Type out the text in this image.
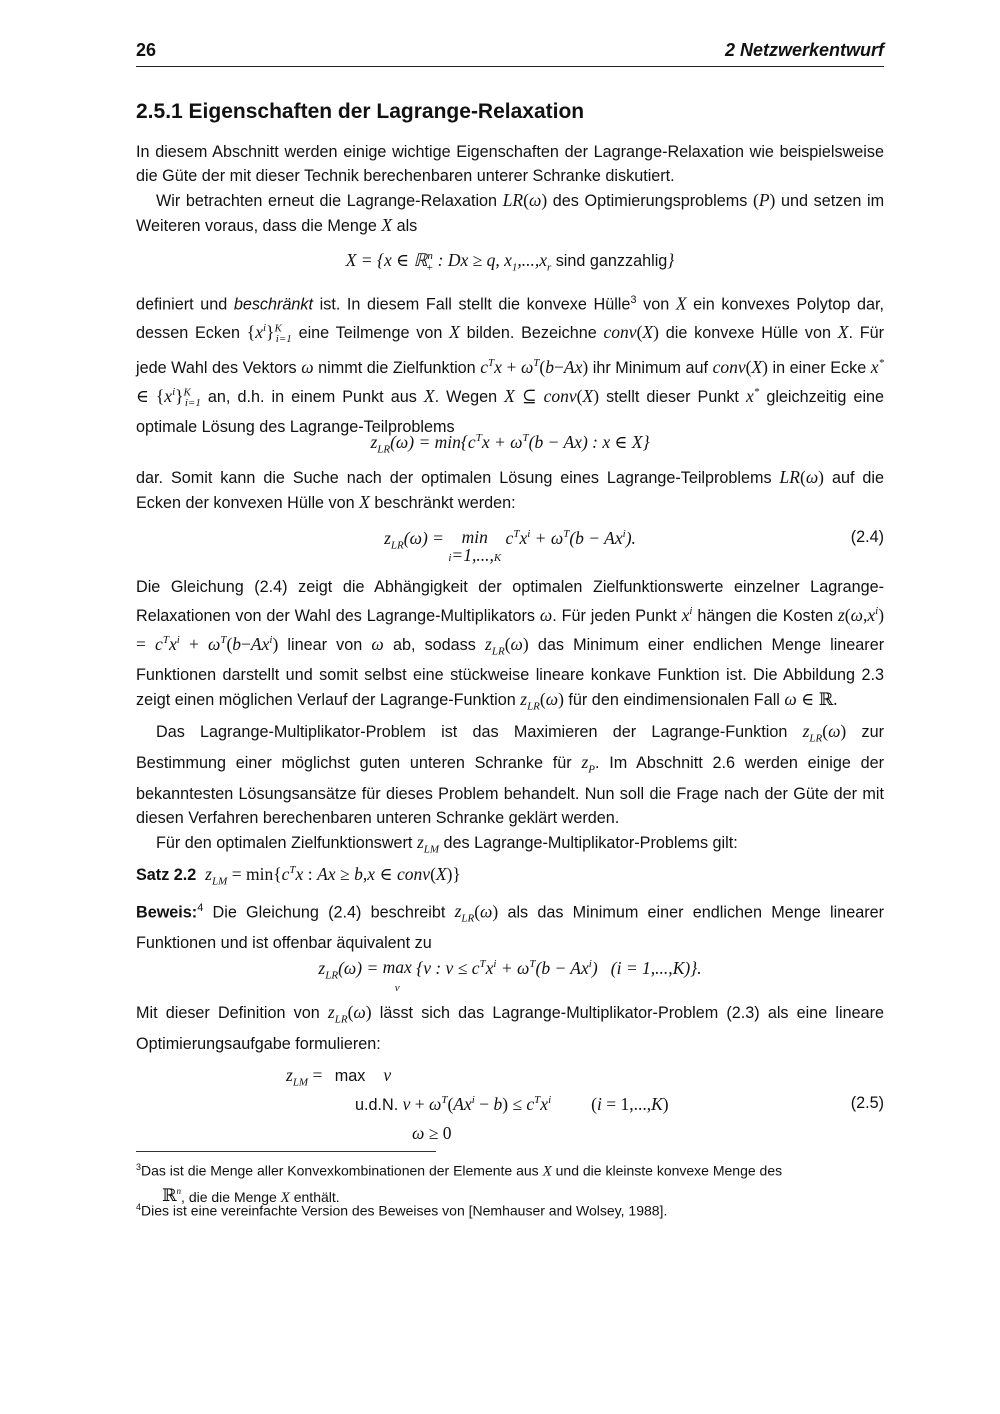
26	2 Netzwerkentwurf
2.5.1 Eigenschaften der Lagrange-Relaxation

In diesem Abschnitt werden einige wichtige Eigenschaften der Lagrange-Relaxation wie beispielsweise die Güte der mit dieser Technik berechenbaren unterer Schranke diskutiert.

Wir betrachten erneut die Lagrange-Relaxation LR(ω) des Optimierungsproblems (P) und setzen im Weiteren voraus, dass die Menge X als

X = {x ∈ ℝ$^n_+$ : Dx ≥ q, $x_1,...,x_r$ sind ganzzahlig}

definiert und beschränkt ist. In diesem Fall stellt die konvexe Hülle$^3$ von X ein konvexes Polytop dar, dessen Ecken $\{x^i\}^K_{i=1}$ eine Teilmenge von X bilden. Bezeichne conv(X) die konvexe Hülle von X. Für jede Wahl des Vektors ω nimmt die Zielfunktion $c^Tx + \omega^T(b-Ax)$ ihr Minimum auf conv(X) in einer Ecke x* ∈ $\{x^i\}^K_{i=1}$ an, d.h. in einem Punkt aus X. Wegen X ⊆ conv(X) stellt dieser Punkt x* gleichzeitig eine optimale Lösung des Lagrange-Teilproblems

$z_{LR}(\omega) = \min\{c^Tx + \omega^T(b - Ax)$ : x ∈ X}

dar. Somit kann die Suche nach der optimalen Lösung eines Lagrange-Teilproblems LR(ω) auf die Ecken der konvexen Hülle von X beschränkt werden:

$z_{LR}(\omega) = \min$
i=1,...,K $c^Tx^i + \omega^T(b - Ax^i)$.	(2.4)

Die Gleichung (2.4) zeigt die Abhängigkeit der optimalen Zielfunktionswerte einzelner Lagrange-Relaxationen von der Wahl des Lagrange-Multiplikators ω. Für jeden Punkt $x^i$ hängen die Kosten $z(\omega,x^i) = c^Tx^i + \omega^T(b-Ax^i)$ linear von ω ab, sodass $z_{LR}(\omega)$ das Minimum einer endlichen Menge linearer Funktionen darstellt und somit selbst eine stückweise lineare konkave Funktion ist. Die Abbildung 2.3 zeigt einen möglichen Verlauf der Lagrange-Funktion $z_{LR}(\omega)$ für den eindimensionalen Fall ω ∈ ℝ.

Das Lagrange-Multiplikator-Problem ist das Maximieren der Lagrange-Funktion $z_{LR}(\omega)$ zur Bestimmung einer möglichst guten unteren Schranke für $z_P$. Im Abschnitt 2.6 werden einige der bekanntesten Lösungsansätze für dieses Problem behandelt. Nun soll die Frage nach der Güte der mit diesen Verfahren berechenbaren unteren Schranke geklärt werden.

Für den optimalen Zielfunktionswert $z_{LM}$ des Lagrange-Multiplikator-Problems gilt:

Satz 2.2  $z_{LM} = \min\{c^Tx$ : Ax ≥ b,x ∈ conv(X)}

Beweis:$^4$ Die Gleichung (2.4) beschreibt $z_{LR}(\omega)$ als das Minimum einer endlichen Menge linearer Funktionen und ist offenbar äquivalent zu

$z_{LR}(\omega) = \max$
v {v : $v \le c^Tx^i + \omega^T(b - Ax^i) (i = 1,...,K)$}.

Mit dieser Definition von $z_{LR}(\omega)$ lässt sich das Lagrange-Multiplikator-Problem (2.3) als eine lineare Optimierungsaufgabe formulieren:

$z_{LM} = \max v$
u.d.N. $v + \omega^T(Ax^i - b) \le c^Tx^i$ (i = 1,...,K)
ω ≥ 0
(2.5)
$^3$Das ist die Menge aller Konvexkombinationen der Elemente aus X und die kleinste konvexe Menge des
ℝ$^n$, die die Menge X enthält.
$^4$Dies ist eine vereinfachte Version des Beweises von [Nemhauser and Wolsey, 1988].
